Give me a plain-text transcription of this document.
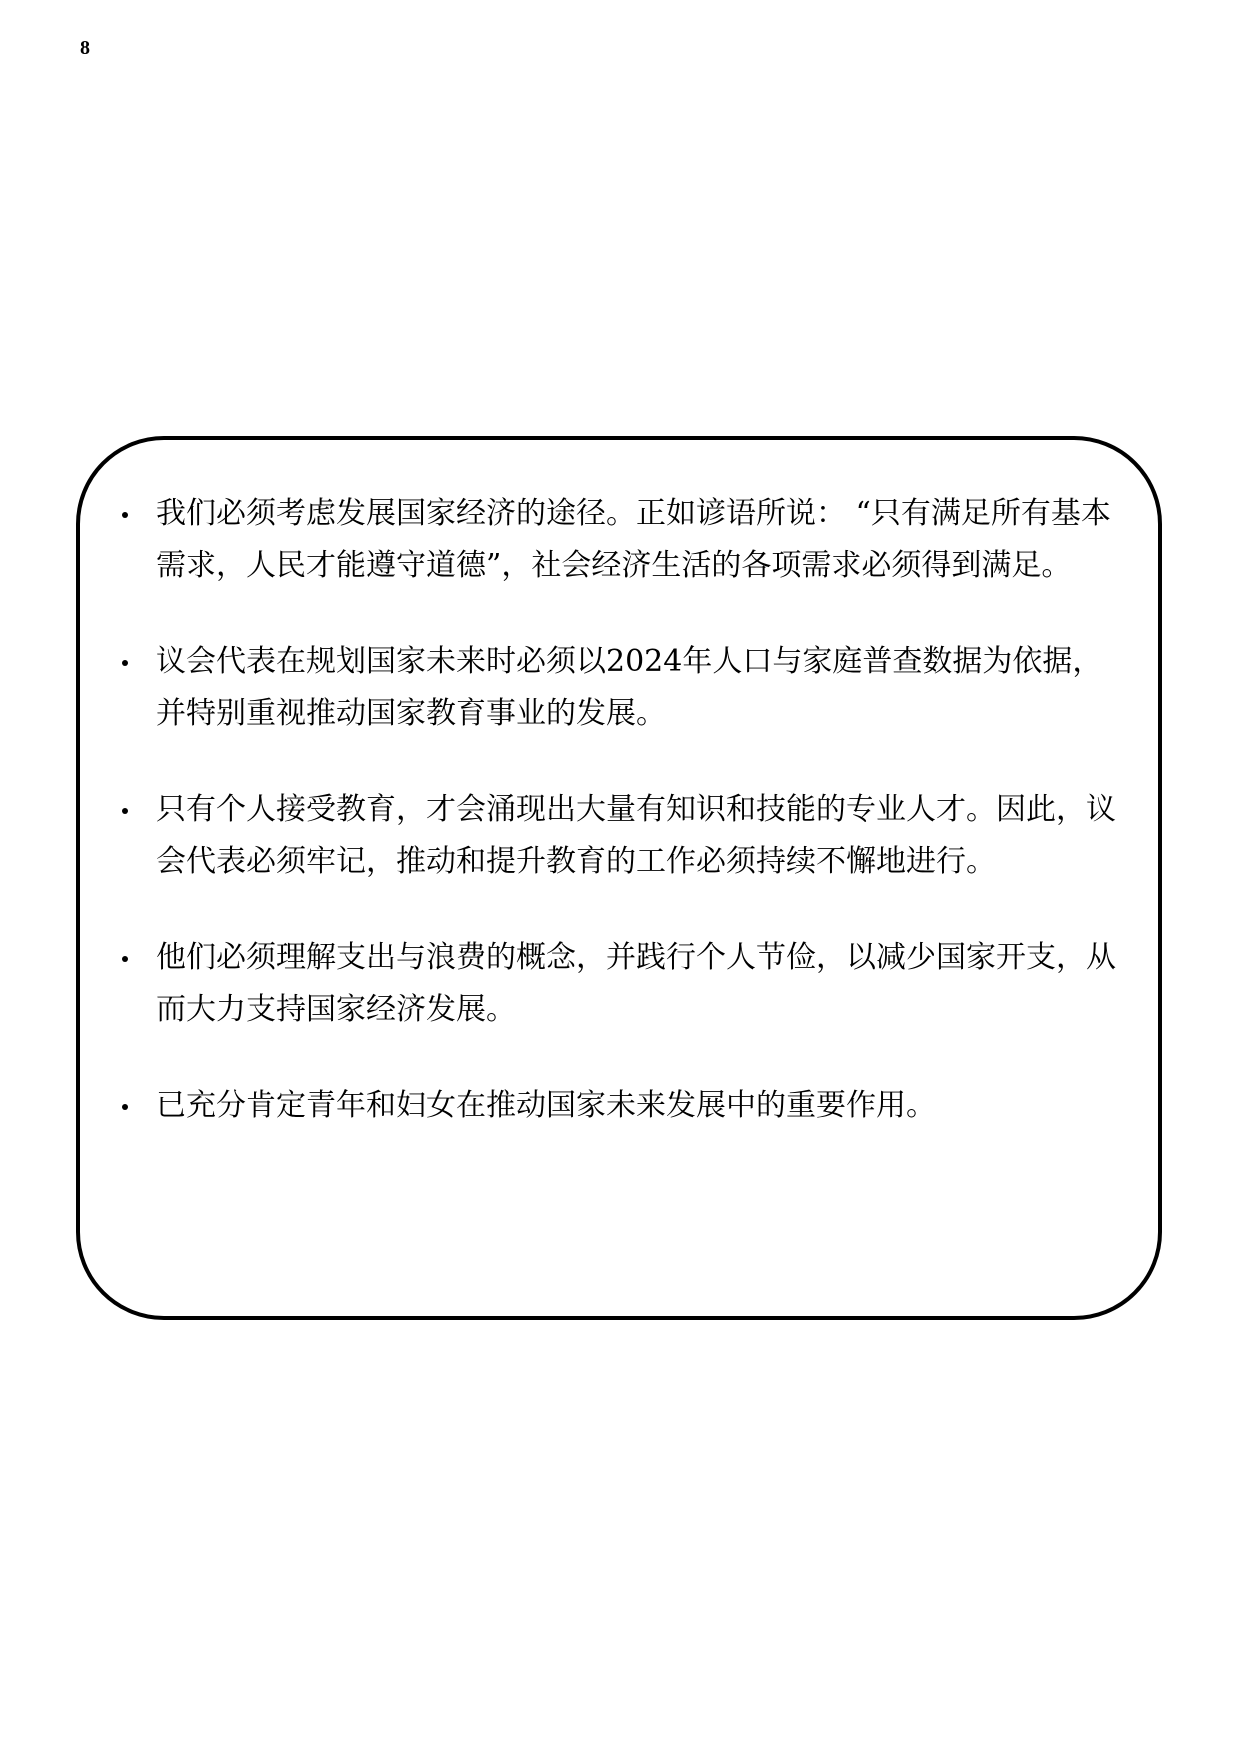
8
我们必须考虑发展国家经济的途径。正如谚语所说： “只有满足所有基本需求，人民才能遵守道德”，社会经济生活的各项需求必须得到满足。
议会代表在规划国家未来时必须以2024年人口与家庭普查数据为依据，并特别重视推动国家教育事业的发展。
只有个人接受教育，才会涌现出大量有知识和技能的专业人才。因此，议会代表必须牢记，推动和提升教育的工作必须持续不懈地进行。
他们必须理解支出与浪费的概念，并践行个人节俭，以减少国家开支，从而大力支持国家经济发展。
已充分肯定青年和妇女在推动国家未来发展中的重要作用。
